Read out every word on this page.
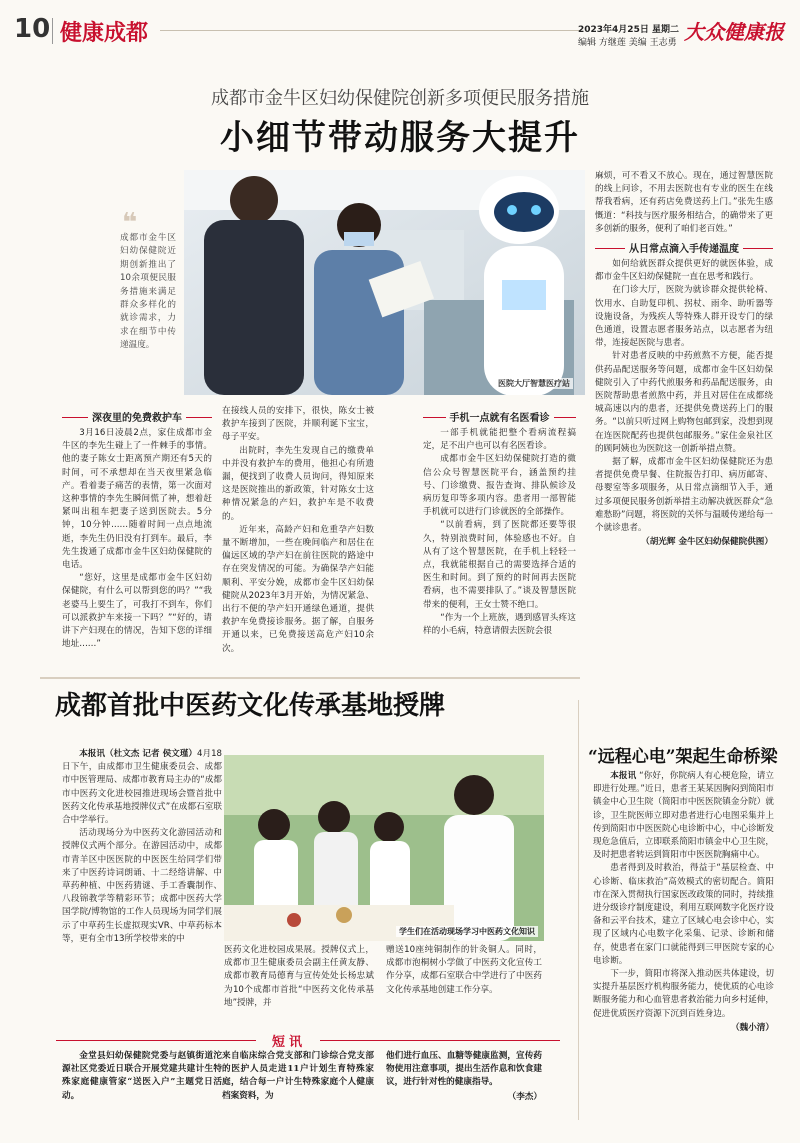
10 健康成都	2023年4月25日 星期二
编辑 方继莲 美编 王志勇 大众健康报
成都市金牛区妇幼保健院创新多项便民服务措施
小细节带动服务大提升
❝
成都市金牛区妇幼保健院近期创新推出了10余项便民服务措施来满足群众多样化的就诊需求，力求在细节中传递温度。
医院大厅智慧医疗站
深夜里的免费救护车

3月16日凌晨2点，家住成都市金牛区的李先生碰上了一件棘手的事情。他的妻子陈女士距离预产期还有5天的时间，可不承想却在当天夜里紧急临产。看着妻子痛苦的表情，第一次面对这种事情的李先生瞬间慌了神，想着赶紧叫出租车把妻子送到医院去。5分钟，10分钟……随着时间一点点地流逝，李先生仍旧没有打到车。最后，李先生拨通了成都市金牛区妇幼保健院的电话。

“您好，这里是成都市金牛区妇幼保健院，有什么可以帮到您的吗？”“我老婆马上要生了，可我打不到车，你们可以派救护车来接一下吗？”“好的，请讲下产妇现在的情况，告知下您的详细地址……”

在接线人员的安排下，很快，陈女士被救护车接到了医院，并顺利诞下宝宝，母子平安。

出院时，李先生发现自己的缴费单中并没有救护车的费用，他担心有所遗漏，便找到了收费人员询问，得知原来这是医院推出的新政策，针对陈女士这种情况紧急的产妇，救护车是不收费的。

近年来，高龄产妇和危重孕产妇数量不断增加，一些在晚间临产和居住在偏远区域的孕产妇在前往医院的路途中存在突发情况的可能。为确保孕产妇能顺利、平安分娩，成都市金牛区妇幼保健院从2023年3月开始，为情况紧急、出行不便的孕产妇开通绿色通道，提供救护车免费接诊服务。据了解，自服务开通以来，已免费接送高危产妇10余次。

手机一点就有名医看诊

一部手机就能把整个看病流程搞定，足不出户也可以有名医看诊。

成都市金牛区妇幼保健院打造的微信公众号智慧医院平台，涵盖预约挂号、门诊缴费、报告查询、排队候诊及病历复印等多项内容。患者用一部智能手机就可以进行门诊就医的全部操作。

“以前看病，到了医院都还要等很久，特别浪费时间，体验感也不好。自从有了这个智慧医院，在手机上轻轻一点，我就能根据自己的需要选择合适的医生和时间。到了预约的时间再去医院看病，也不需要排队了。”谈及智慧医院带来的便利，王女士赞不绝口。

“作为一个上班族，遇到感冒头疼这样的小毛病，特意请假去医院会很

麻烦，可不看又不放心。现在，通过智慧医院的线上问诊，不用去医院也有专业的医生在线帮我看病，还有药店免费送药上门。”张先生感慨道：“科技与医疗服务相结合，的确带来了更多创新的服务，便利了咱们老百姓。”

从日常点滴入手传递温度

如何给就医群众提供更好的就医体验，成都市金牛区妇幼保健院一直在思考和践行。

在门诊大厅，医院为就诊群众提供轮椅、饮用水、自助复印机、拐杖、雨伞、助听器等设施设备，为残疾人等特殊人群开设专门的绿色通道，设置志愿者服务站点，以志愿者为纽带，连接起医院与患者。

针对患者反映的中药煎熬不方便，能否提供药品配送服务等问题，成都市金牛区妇幼保健院引入了中药代煎服务和药品配送服务，由医院帮助患者煎熬中药，并且对居住在成都绕城高速以内的患者，还提供免费送药上门的服务。“以前只听过网上购物包邮到家，没想到现在连医院配药也提供包邮服务。”家住金泉社区的顾阿姨也为医院这一创新举措点赞。

据了解，成都市金牛区妇幼保健院还为患者提供免费早餐、住院报告打印、病历邮寄、母婴室等多项服务，从日常点滴细节入手，通过多项便民服务创新举措主动解决就医群众“急难愁盼”问题，将医院的关怀与温暖传递给每一个就诊患者。

（胡光辉 金牛区妇幼保健院供图）

成都首批中医药文化传承基地授牌

本报讯（杜文杰 记者 侯文瑾）4月18日下午，由成都市卫生健康委员会、成都市中医管理局、成都市教育局主办的“成都市中医药文化进校园推进现场会暨首批中医药文化传承基地授牌仪式”在成都石室联合中学举行。

活动现场分为中医药文化游园活动和授牌仪式两个部分。在游园活动中，成都市青羊区中医医院的中医医生给同学们带来了中医药诗词朗诵、十二经络讲解、中草药种植、中医药猜谜、手工香囊制作、八段锦教学等精彩环节；成都中医药大学国学院/博物馆的工作人员现场为同学们展示了中草药生长虚拟现实VR、中草药标本等，更有全市13所学校带来的中

学生们在活动现场学习中医药文化知识

医药文化进校园成果展。授牌仪式上，成都市卫生健康委员会副主任黄友静、成都市教育局德育与宣传处处长杨忠斌为10个成都市首批“中医药文化传承基地”授牌，并

赠送10座纯铜制作的针灸铜人。同时，成都市泡桐树小学做了中医药文化宣传工作分享，成都石室联合中学进行了中医药文化传承基地创建工作分享。

“远程心电”架起生命桥梁

本报讯 “你好，你院病人有心梗危险，请立即进行处理。”近日，患者王某某因胸闷到简阳市镇金中心卫生院（简阳市中医医院镇金分院）就诊，卫生院医师立即对患者进行心电图采集并上传到简阳市中医医院心电诊断中心，中心诊断发现危急值后，立即联系简阳市镇金中心卫生院，及时把患者转运到简阳市中医医院胸痛中心。

患者得到及时救治，得益于“基层检查、中心诊断、临床救治”高效模式的密切配合。简阳市在深入贯彻执行国家医改政策的同时，持续推进分级诊疗制度建设，利用互联网数字化医疗设备和云平台技术，建立了区域心电会诊中心，实现了区域内心电数字化采集、记录、诊断和储存，使患者在家门口就能得到三甲医院专家的心电诊断。

下一步，简阳市将深入推动医共体建设，切实提升基层医疗机构服务能力，使优质的心电诊断服务能力和心血管患者救治能力向乡村延伸，促进优质医疗资源下沉到百姓身边。

（魏小清）

短讯

金堂县妇幼保健院党委与赵镇街道沱源社区党委近日联合开展党建共建计生特殊家庭健康管家“送医入户”主题党日活动。

来自临床综合党支部和门诊综合党支部的医护人员走进11户计划生育特殊家庭，结合每一户计生特殊家庭个人健康档案资料，为

他们进行血压、血糖等健康监测，宣传药物使用注意事项，提出生活作息和饮食建议，进行针对性的健康指导。

（李杰）
